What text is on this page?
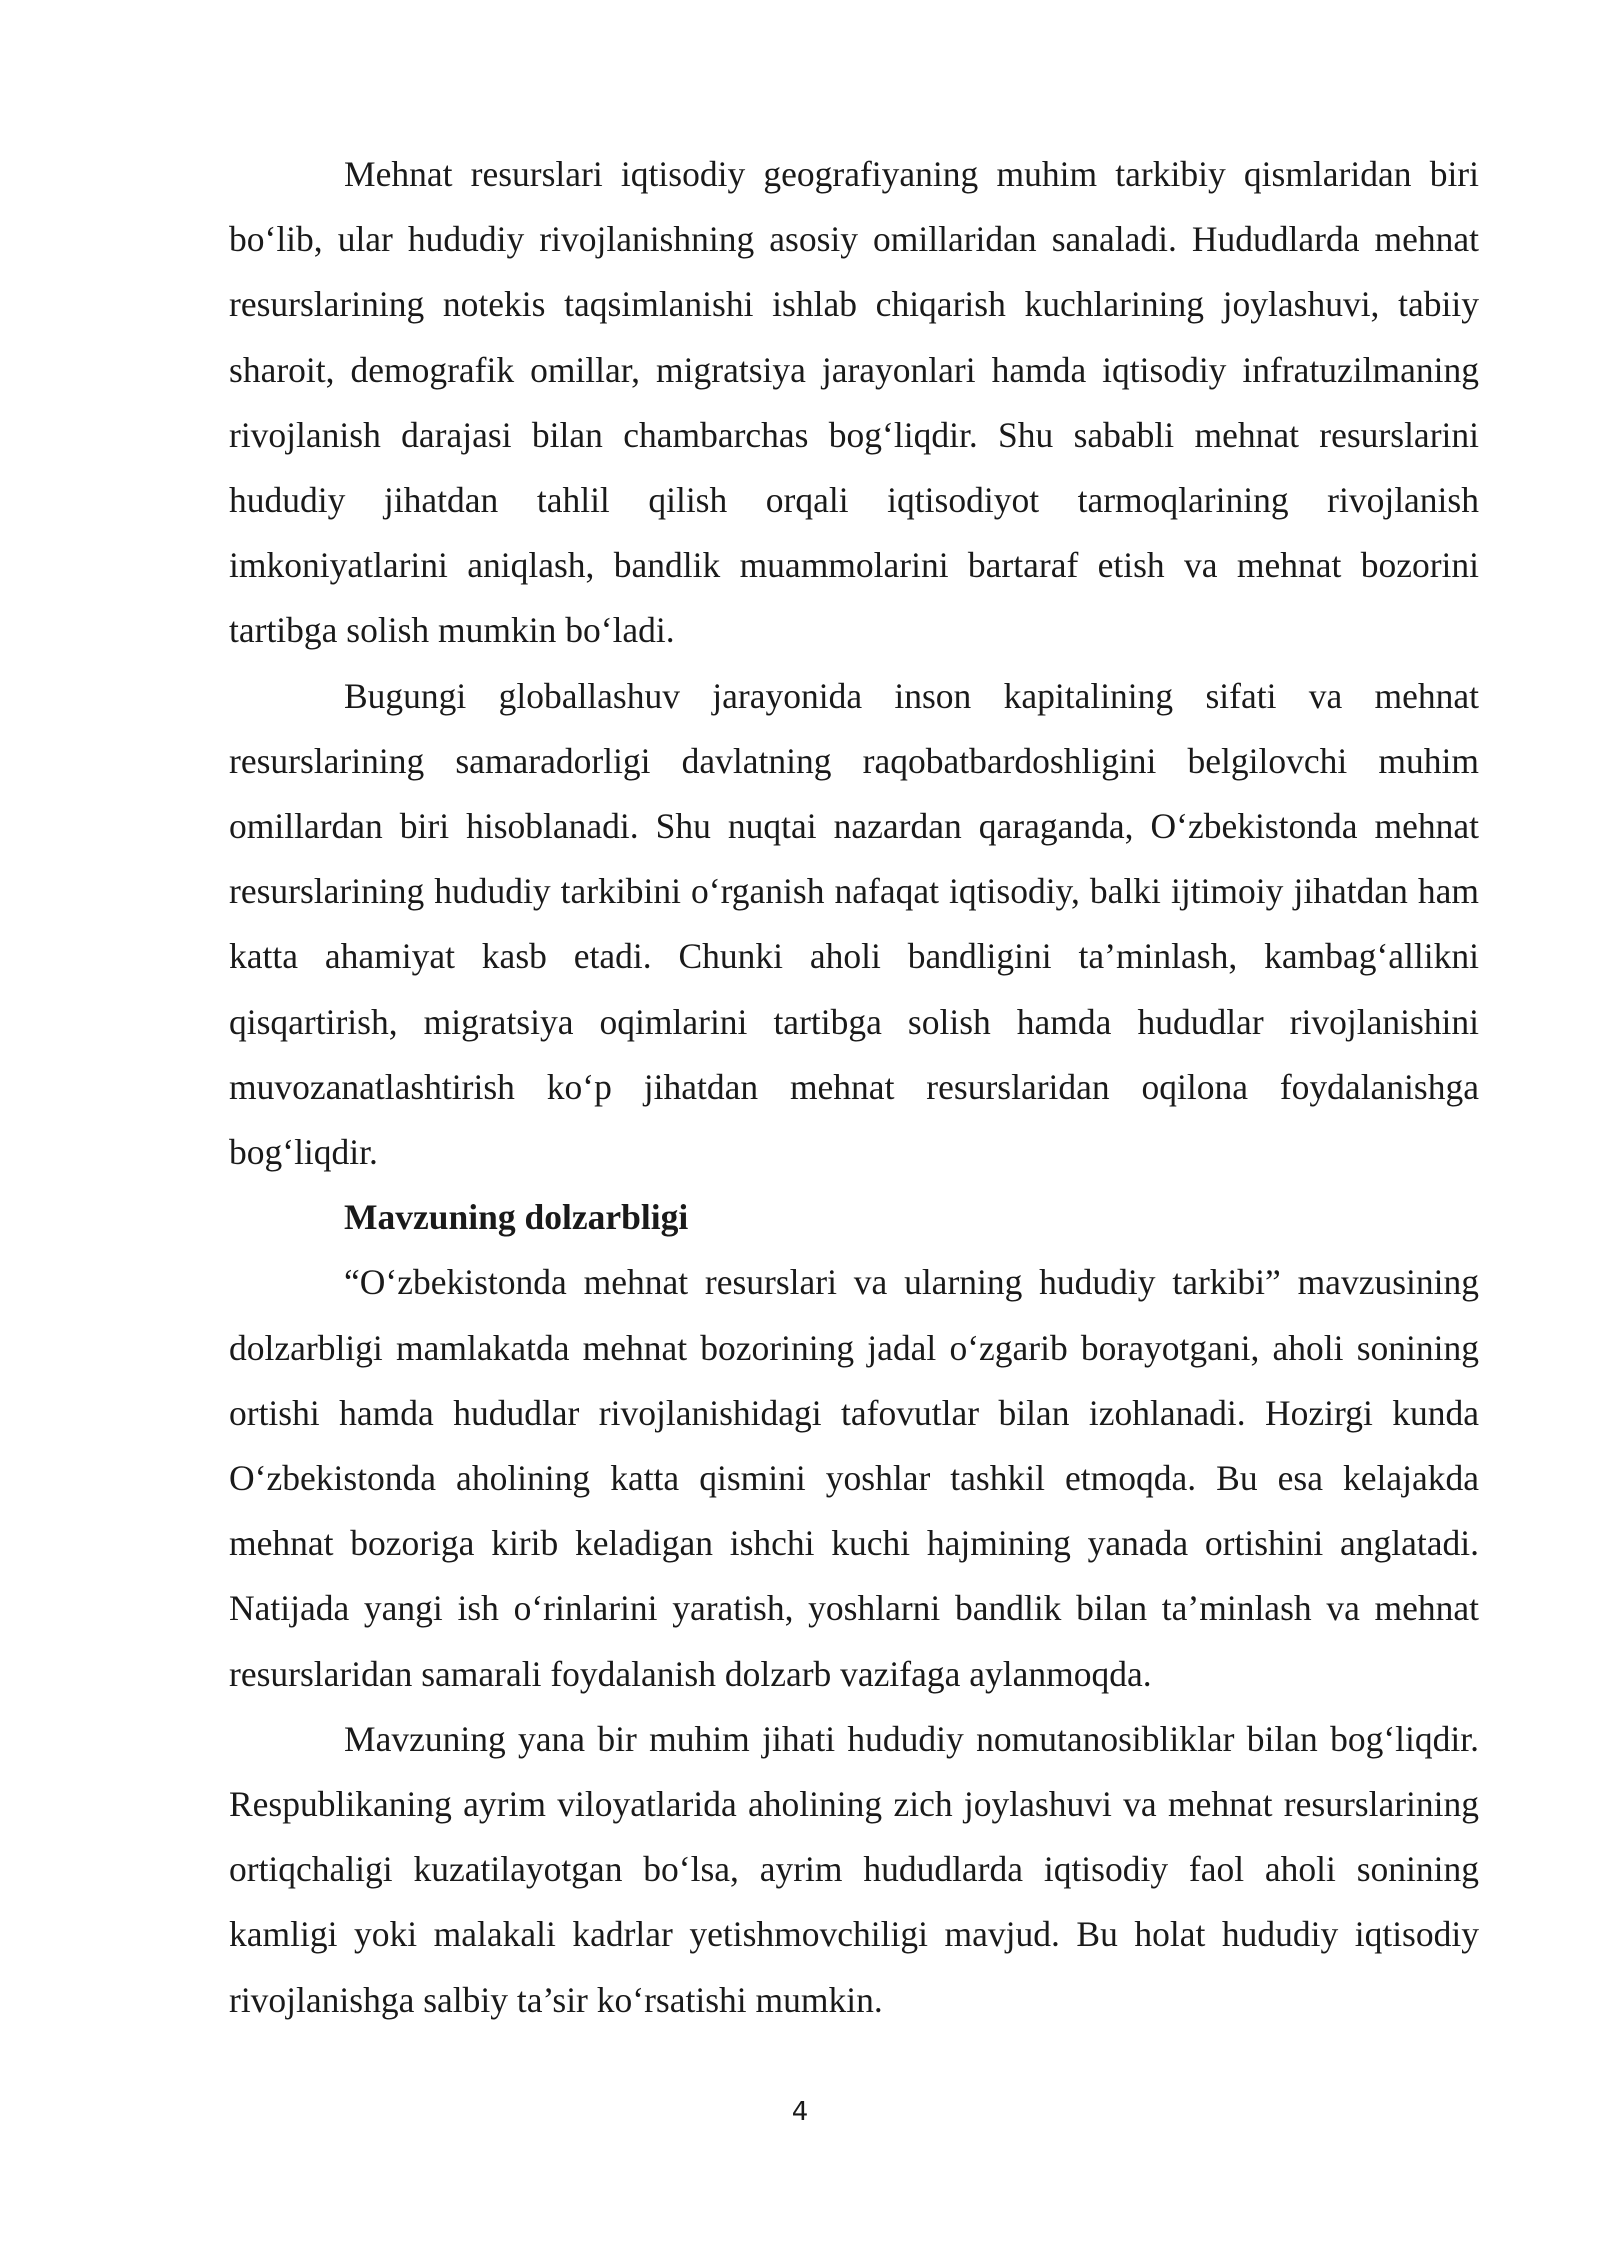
Mehnat resurslari iqtisodiy geografiyaning muhim tarkibiy qismlaridan biri bo‘lib, ular hududiy rivojlanishning asosiy omillaridan sanaladi. Hududlarda mehnat resurslarining notekis taqsimlanishi ishlab chiqarish kuchlarining joylashuvi, tabiiy sharoit, demografik omillar, migratsiya jarayonlari hamda iqtisodiy infratuzilmaning rivojlanish darajasi bilan chambarchas bog‘liqdir. Shu sababli mehnat resurslarini hududiy jihatdan tahlil qilish orqali iqtisodiyot tarmoqlarining rivojlanish imkoniyatlarini aniqlash, bandlik muammolarini bartaraf etish va mehnat bozorini tartibga solish mumkin bo‘ladi.

Bugungi globallashuv jarayonida inson kapitalining sifati va mehnat resurslarining samaradorligi davlatning raqobatbardoshligini belgilovchi muhim omillardan biri hisoblanadi. Shu nuqtai nazardan qaraganda, O‘zbekistonda mehnat resurslarining hududiy tarkibini o‘rganish nafaqat iqtisodiy, balki ijtimoiy jihatdan ham katta ahamiyat kasb etadi. Chunki aholi bandligini ta’minlash, kambag‘allikni qisqartirish, migratsiya oqimlarini tartibga solish hamda hududlar rivojlanishini muvozanatlashtirish ko‘p jihatdan mehnat resurslaridan oqilona foydalanishga bog‘liqdir.

Mavzuning dolzarbligi

“O‘zbekistonda mehnat resurslari va ularning hududiy tarkibi” mavzusining dolzarbligi mamlakatda mehnat bozorining jadal o‘zgarib borayotgani, aholi sonining ortishi hamda hududlar rivojlanishidagi tafovutlar bilan izohlanadi. Hozirgi kunda O‘zbekistonda aholining katta qismini yoshlar tashkil etmoqda. Bu esa kelajakda mehnat bozoriga kirib keladigan ishchi kuchi hajmining yanada ortishini anglatadi. Natijada yangi ish o‘rinlarini yaratish, yoshlarni bandlik bilan ta’minlash va mehnat resurslaridan samarali foydalanish dolzarb vazifaga aylanmoqda.

Mavzuning yana bir muhim jihati hududiy nomutanosibliklar bilan bog‘liqdir. Respublikaning ayrim viloyatlarida aholining zich joylashuvi va mehnat resurslarining ortiqchaligi kuzatilayotgan bo‘lsa, ayrim hududlarda iqtisodiy faol aholi sonining kamligi yoki malakali kadrlar yetishmovchiligi mavjud. Bu holat hududiy iqtisodiy rivojlanishga salbiy ta’sir ko‘rsatishi mumkin.

4
